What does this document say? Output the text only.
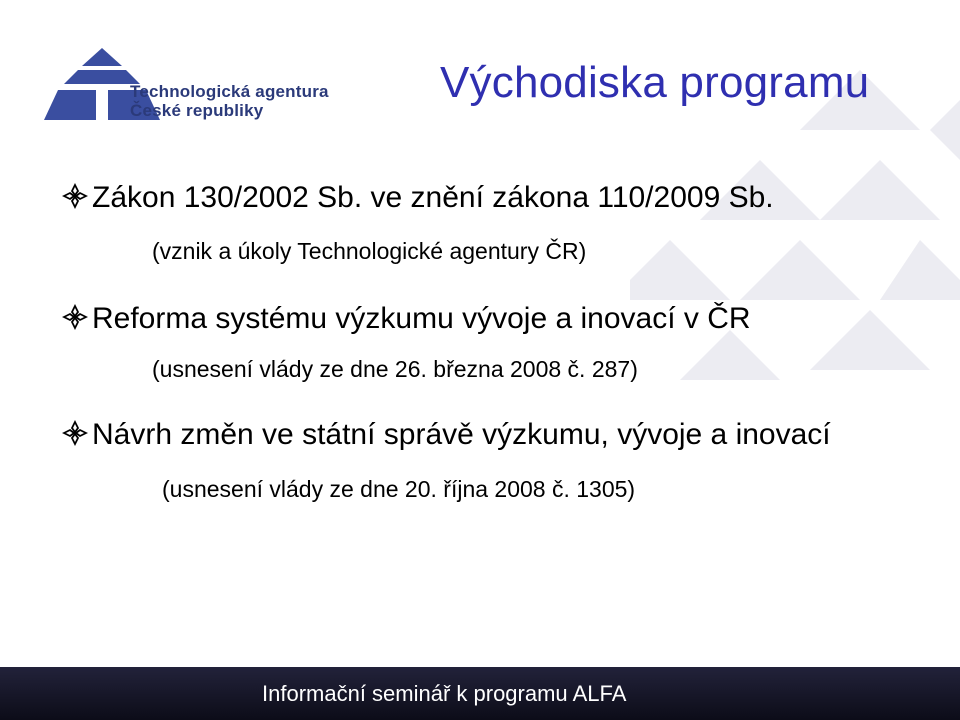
Technologická agentura
České republiky
Východiska programu
Zákon 130/2002 Sb. ve znění zákona 110/2009 Sb.
(vznik a úkoly Technologické agentury ČR)
Reforma systému výzkumu vývoje a inovací v ČR
(usnesení vlády ze dne 26. března 2008 č. 287)
Návrh změn ve státní správě výzkumu, vývoje a inovací
(usnesení vlády ze dne 20. října 2008 č. 1305)
Informační seminář k programu ALFA
